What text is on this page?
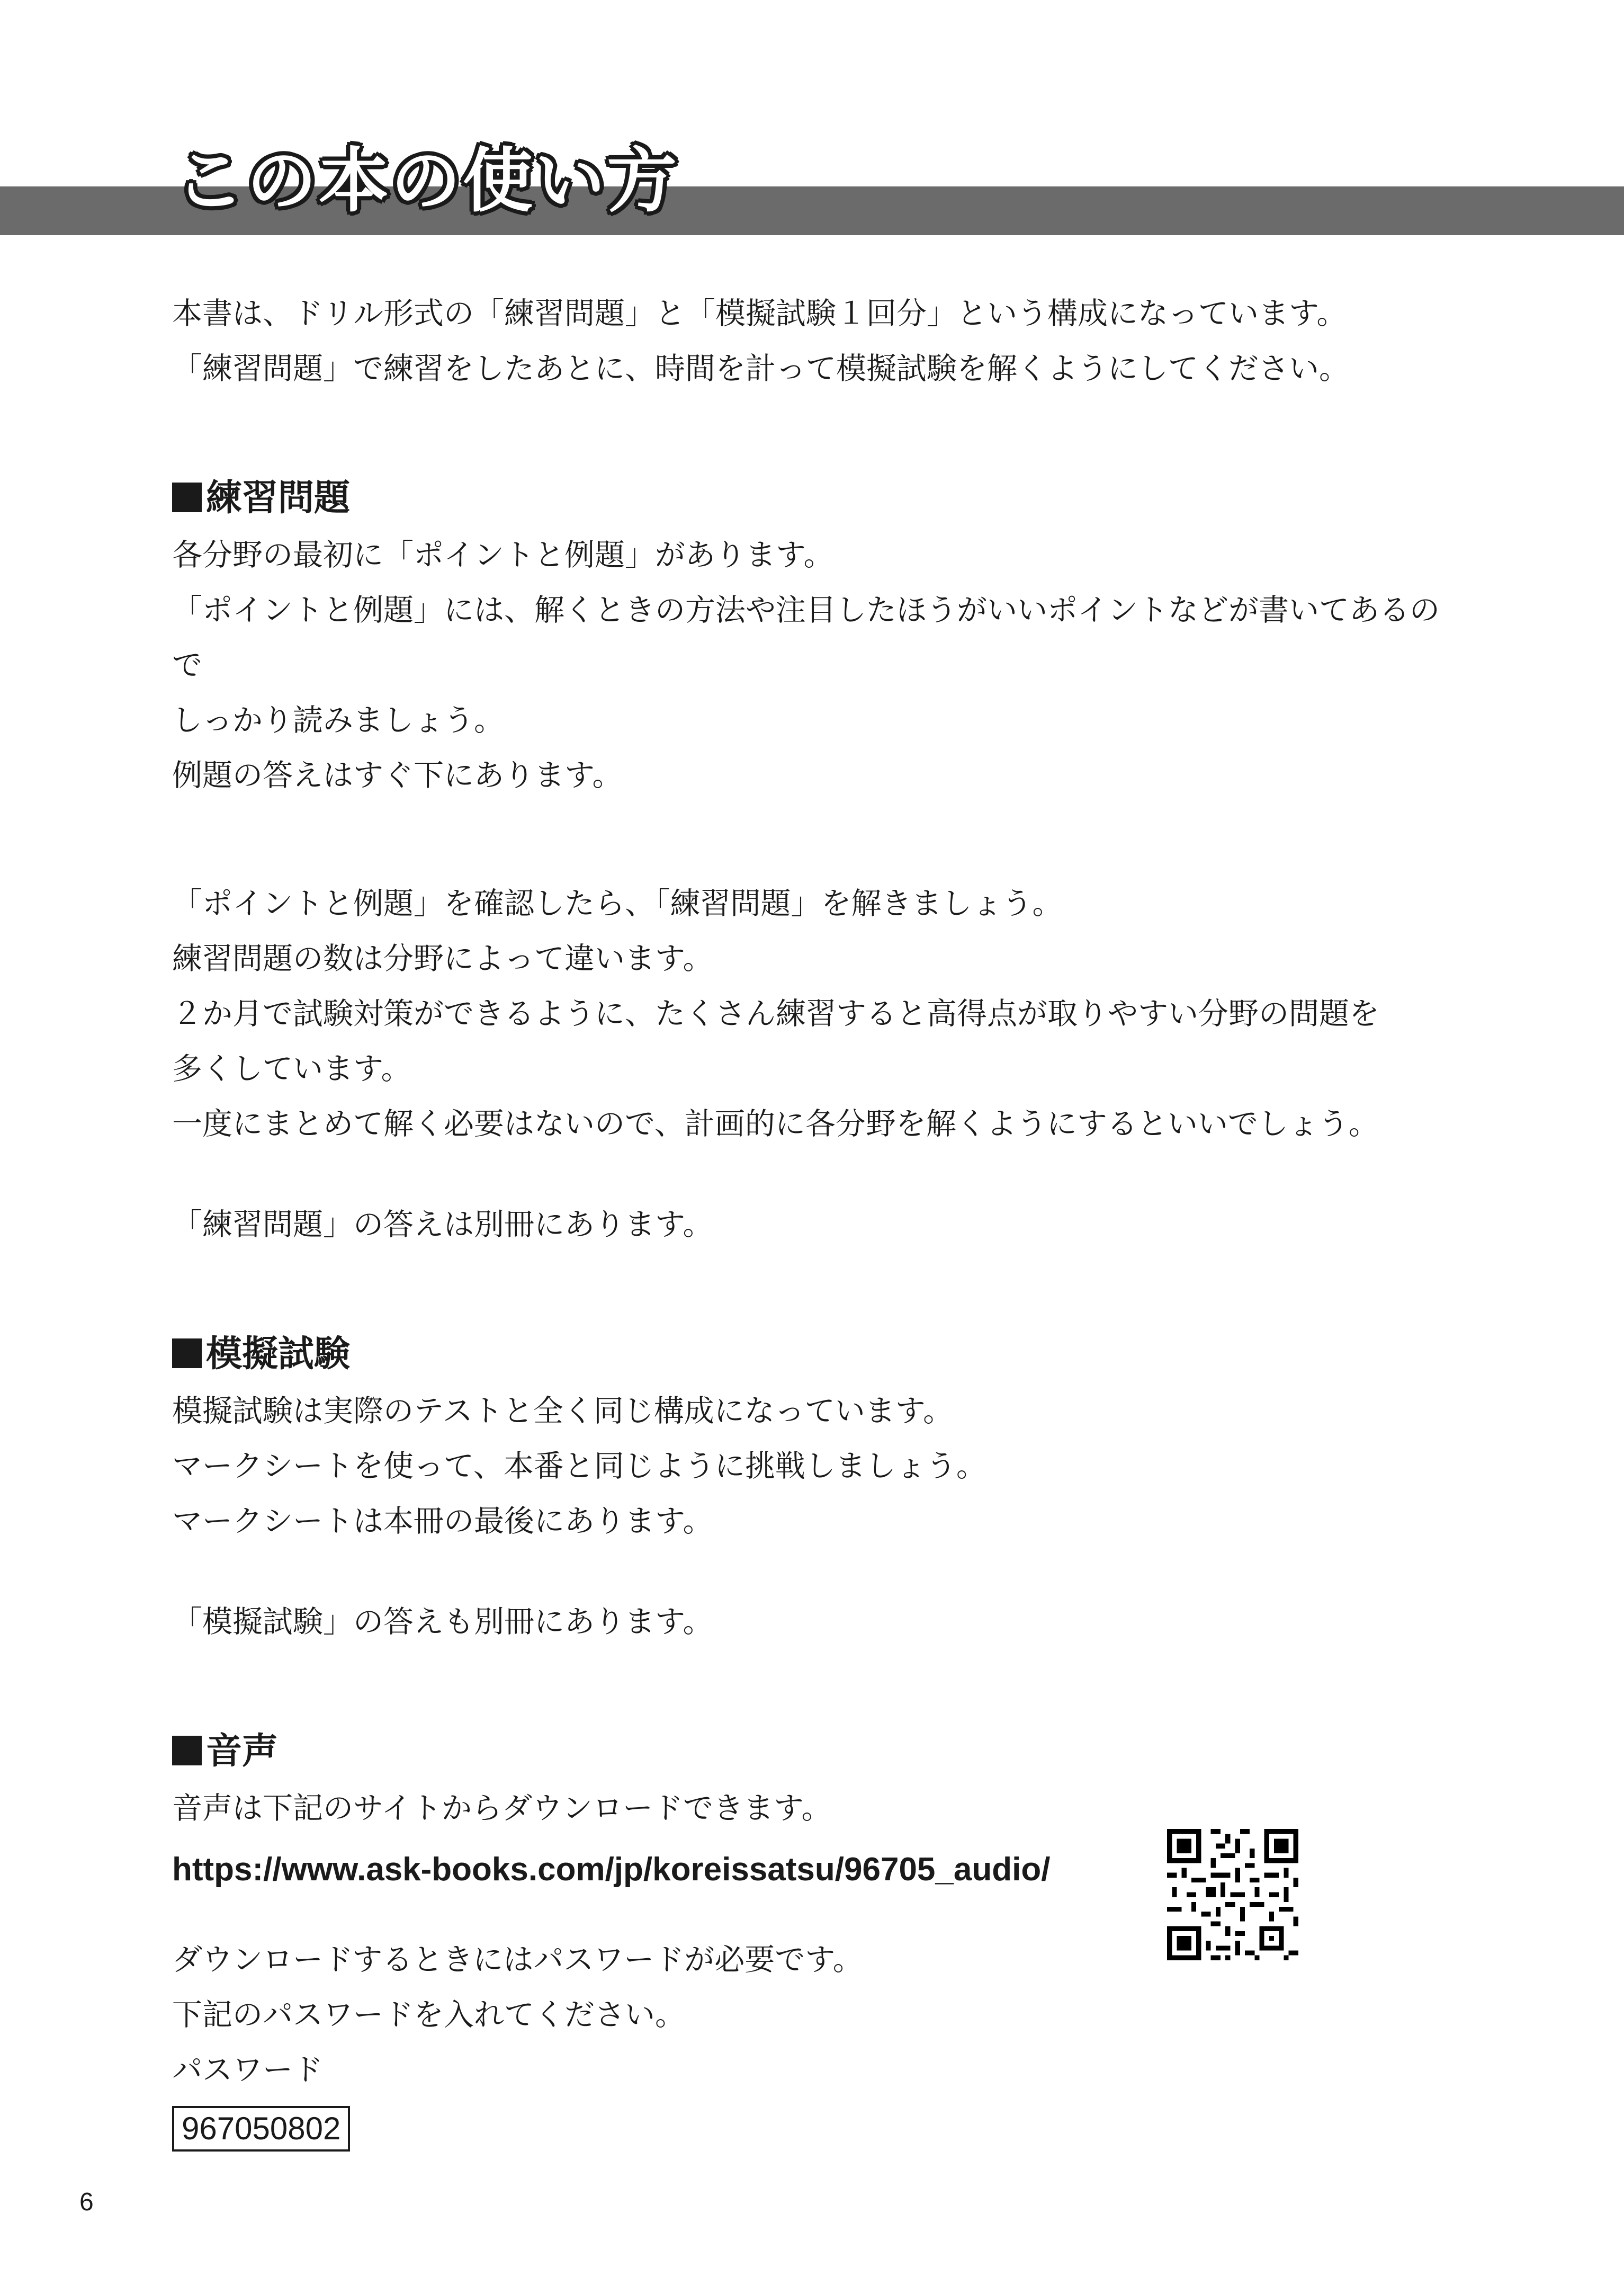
この本の使い方

本書は、ドリル形式の「練習問題」と「模擬試験１回分」という構成になっています。

「練習問題」で練習をしたあとに、時間を計って模擬試験を解くようにしてください。

練習問題

各分野の最初に「ポイントと例題」があります。

「ポイントと例題」には、解くときの方法や注目したほうがいいポイントなどが書いてあるので

しっかり読みましょう。

例題の答えはすぐ下にあります。

「ポイントと例題」を確認したら、「練習問題」を解きましょう。

練習問題の数は分野によって違います。

２か月で試験対策ができるように、たくさん練習すると高得点が取りやすい分野の問題を

多くしています。

一度にまとめて解く必要はないので、計画的に各分野を解くようにするといいでしょう。

「練習問題」の答えは別冊にあります。

模擬試験

模擬試験は実際のテストと全く同じ構成になっています。

マークシートを使って、本番と同じように挑戦しましょう。

マークシートは本冊の最後にあります。

「模擬試験」の答えも別冊にあります。

音声

音声は下記のサイトからダウンロードできます。

https://www.ask-books.com/jp/koreissatsu/96705_audio/

ダウンロードするときにはパスワードが必要です。

下記のパスワードを入れてください。

パスワード

967050802
6
